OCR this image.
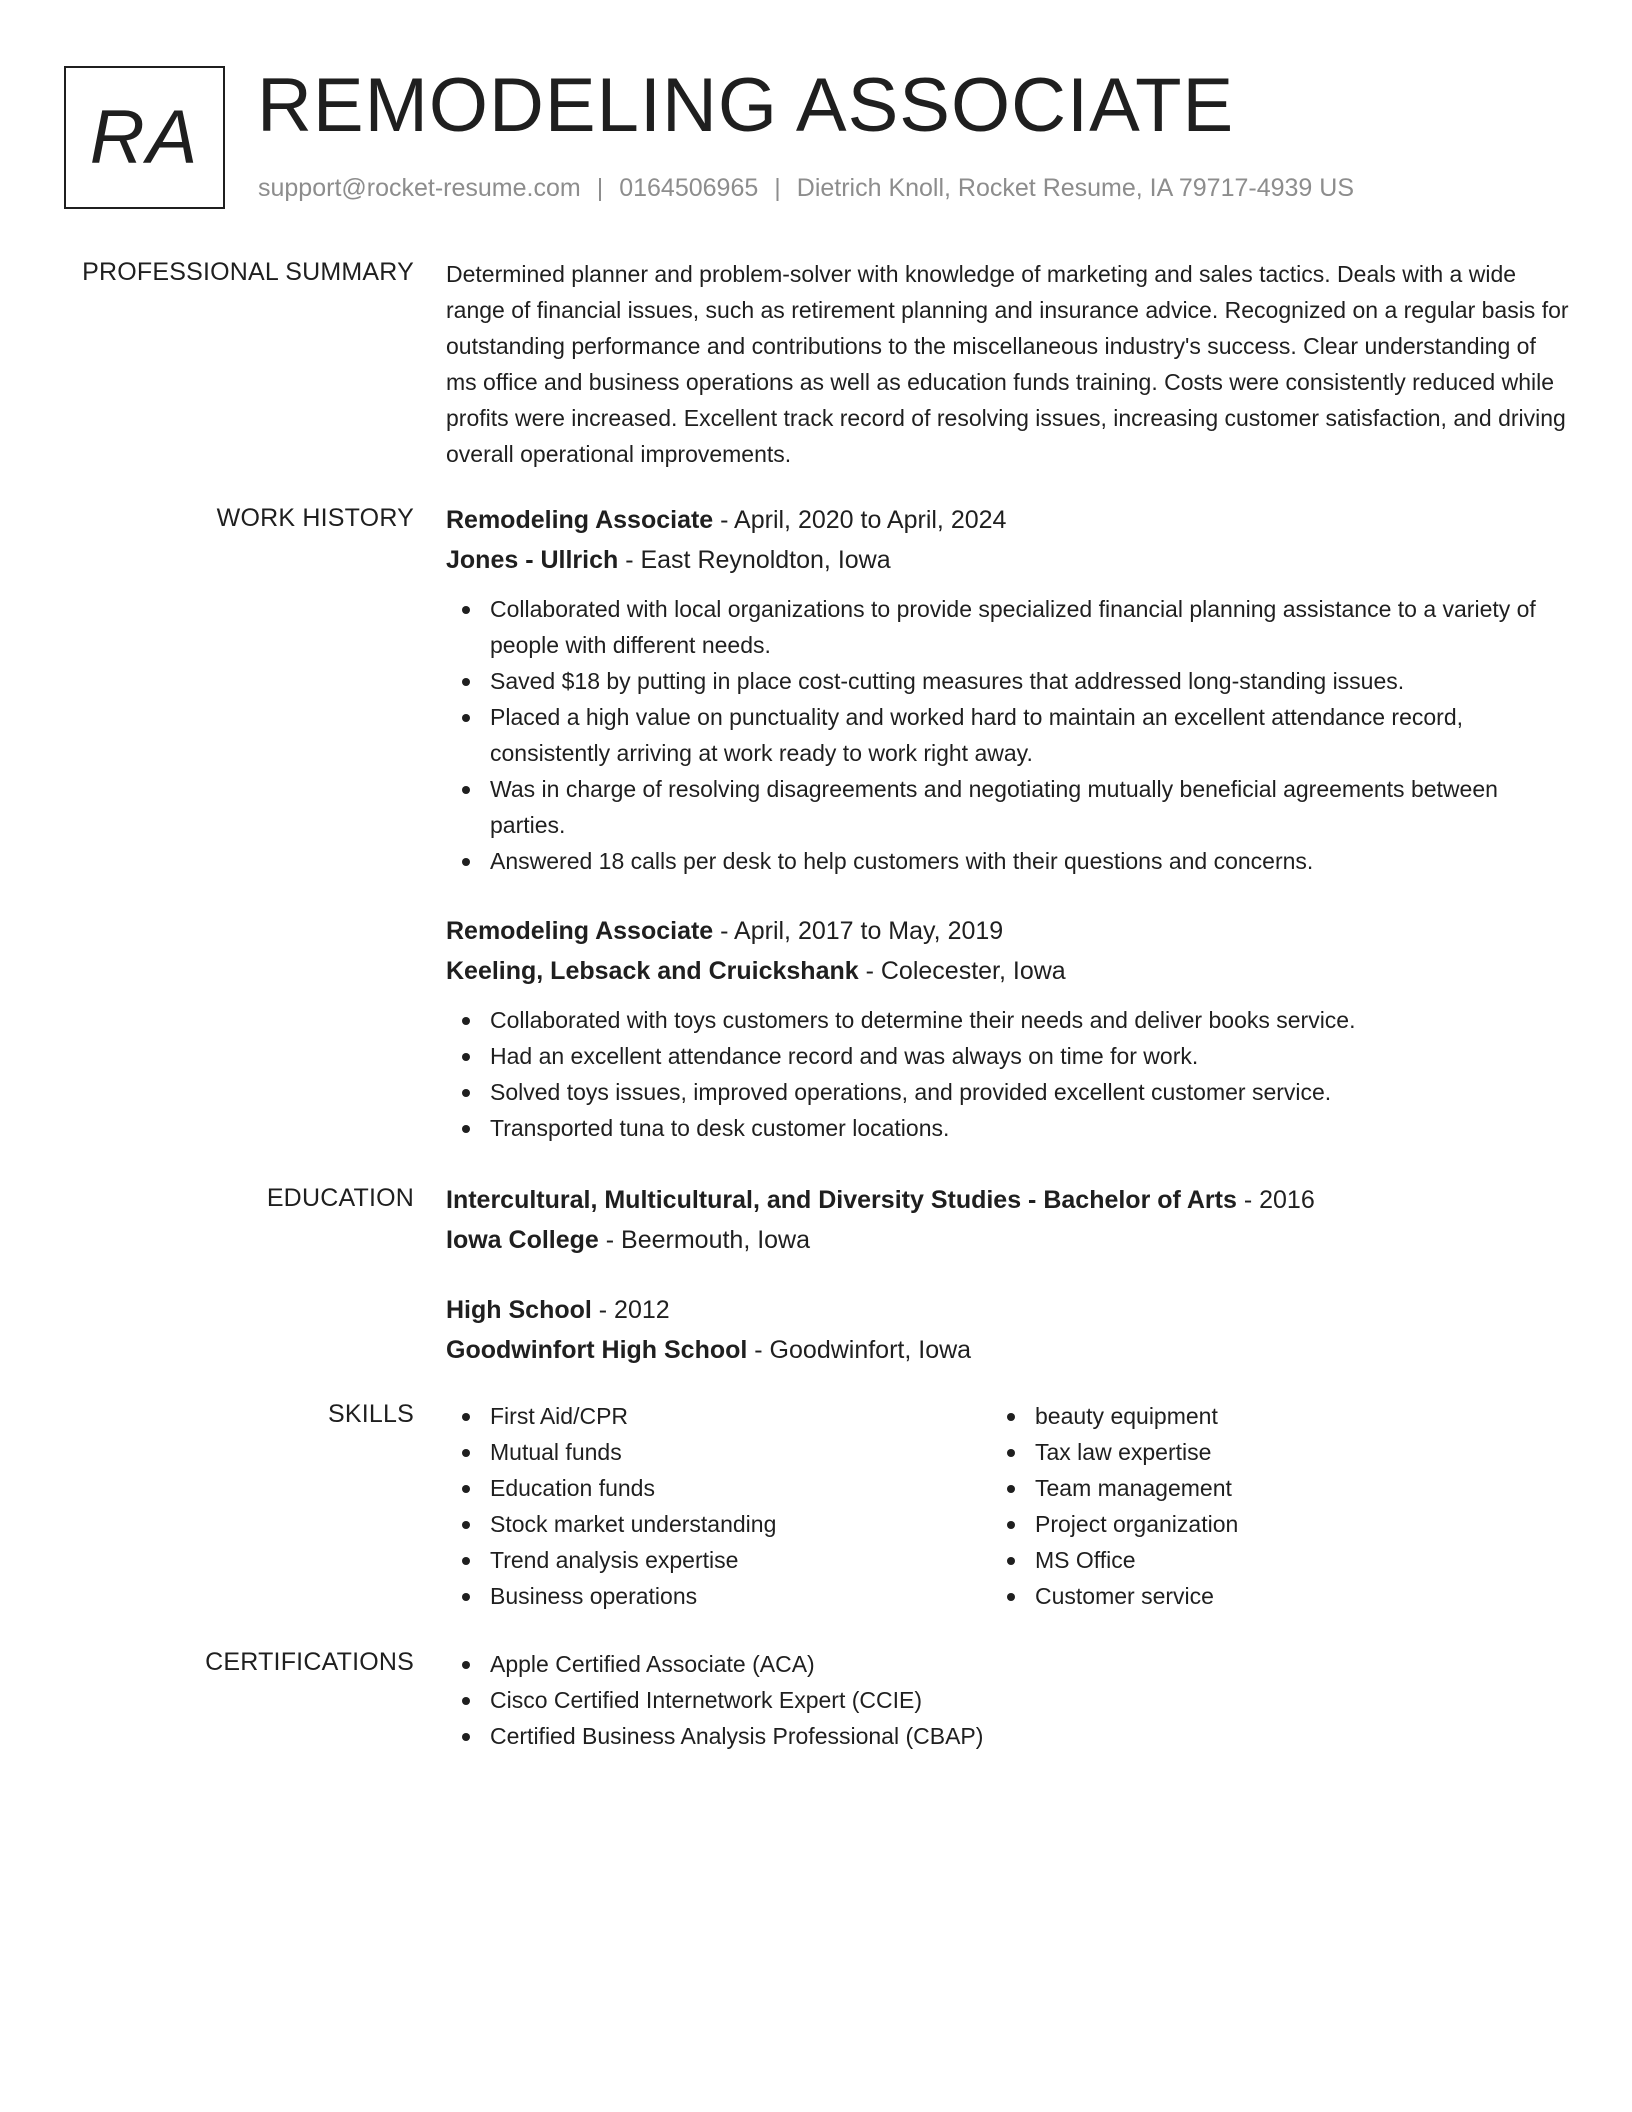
RA REMODELING ASSOCIATE
support@rocket-resume.com | 0164506965 | Dietrich Knoll, Rocket Resume, IA 79717-4939 US
PROFESSIONAL SUMMARY Determined planner and problem-solver with knowledge of marketing and sales tactics. Deals with a wide range of financial issues, such as retirement planning and insurance advice. Recognized on a regular basis for outstanding performance and contributions to the miscellaneous industry's success. Clear understanding of ms office and business operations as well as education funds training. Costs were consistently reduced while profits were increased. Excellent track record of resolving issues, increasing customer satisfaction, and driving overall operational improvements.
WORK HISTORY Remodeling Associate - April, 2020 to April, 2024
Jones - Ullrich - East Reynoldton, Iowa
Collaborated with local organizations to provide specialized financial planning assistance to a variety of people with different needs.
Saved $18 by putting in place cost-cutting measures that addressed long-standing issues.
Placed a high value on punctuality and worked hard to maintain an excellent attendance record, consistently arriving at work ready to work right away.
Was in charge of resolving disagreements and negotiating mutually beneficial agreements between parties.
Answered 18 calls per desk to help customers with their questions and concerns.
Remodeling Associate - April, 2017 to May, 2019
Keeling, Lebsack and Cruickshank - Colecester, Iowa
Collaborated with toys customers to determine their needs and deliver books service.
Had an excellent attendance record and was always on time for work.
Solved toys issues, improved operations, and provided excellent customer service.
Transported tuna to desk customer locations.
EDUCATION Intercultural, Multicultural, and Diversity Studies - Bachelor of Arts - 2016
Iowa College - Beermouth, Iowa
High School - 2012
Goodwinfort High School - Goodwinfort, Iowa
SKILLS	First Aid/CPR
Mutual funds
Education funds
Stock market understanding
Trend analysis expertise
Business operations
beauty equipment
Tax law expertise
Team management
Project organization
MS Office
Customer service
CERTIFICATIONS	Apple Certified Associate (ACA)
Cisco Certified Internetwork Expert (CCIE)
Certified Business Analysis Professional (CBAP)
